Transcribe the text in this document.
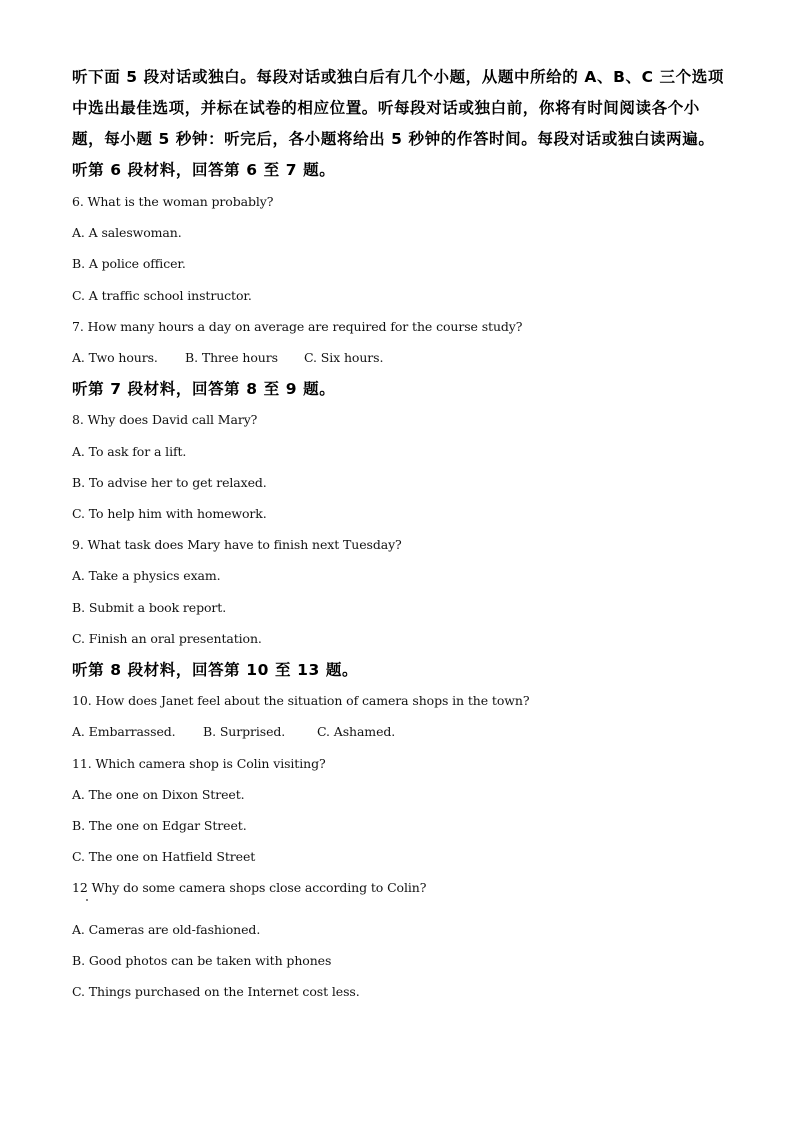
听下面 5 段对话或独白。每段对话或独白后有几个小题，从题中所给的 A、B、C 三个选项
中选出最佳选项，并标在试卷的相应位置。听每段对话或独白前，你将有时间阅读各个小
题，每小题 5 秒钟：听完后，各小题将给出 5 秒钟的作答时间。每段对话或独白读两遍。
听第 6 段材料，回答第 6 至 7 题。
6. What is the woman probably?
A. A saleswoman.
B. A police officer.
C. A traffic school instructor.
7. How many hours a day on average are required for the course study?
A. Two hours. B. Three hours C. Six hours.
听第 7 段材料，回答第 8 至 9 题。
8. Why does David call Mary?
A. To ask for a lift.
B. To advise her to get relaxed.
C. To help him with homework.
9. What task does Mary have to finish next Tuesday?
A. Take a physics exam.
B. Submit a book report.
C. Finish an oral presentation.
听第 8 段材料，回答第 10 至 13 题。
10. How does Janet feel about the situation of camera shops in the town?
A. Embarrassed. B. Surprised.	C. Ashamed.
11. Which camera shop is Colin visiting?
A. The one on Dixon Street.
B. The one on Edgar Street.
C. The one on Hatfield Street
12 Why do some camera shops close according to Colin?
A. Cameras are old-fashioned.
B. Good photos can be taken with phones
C. Things purchased on the Internet cost less.
